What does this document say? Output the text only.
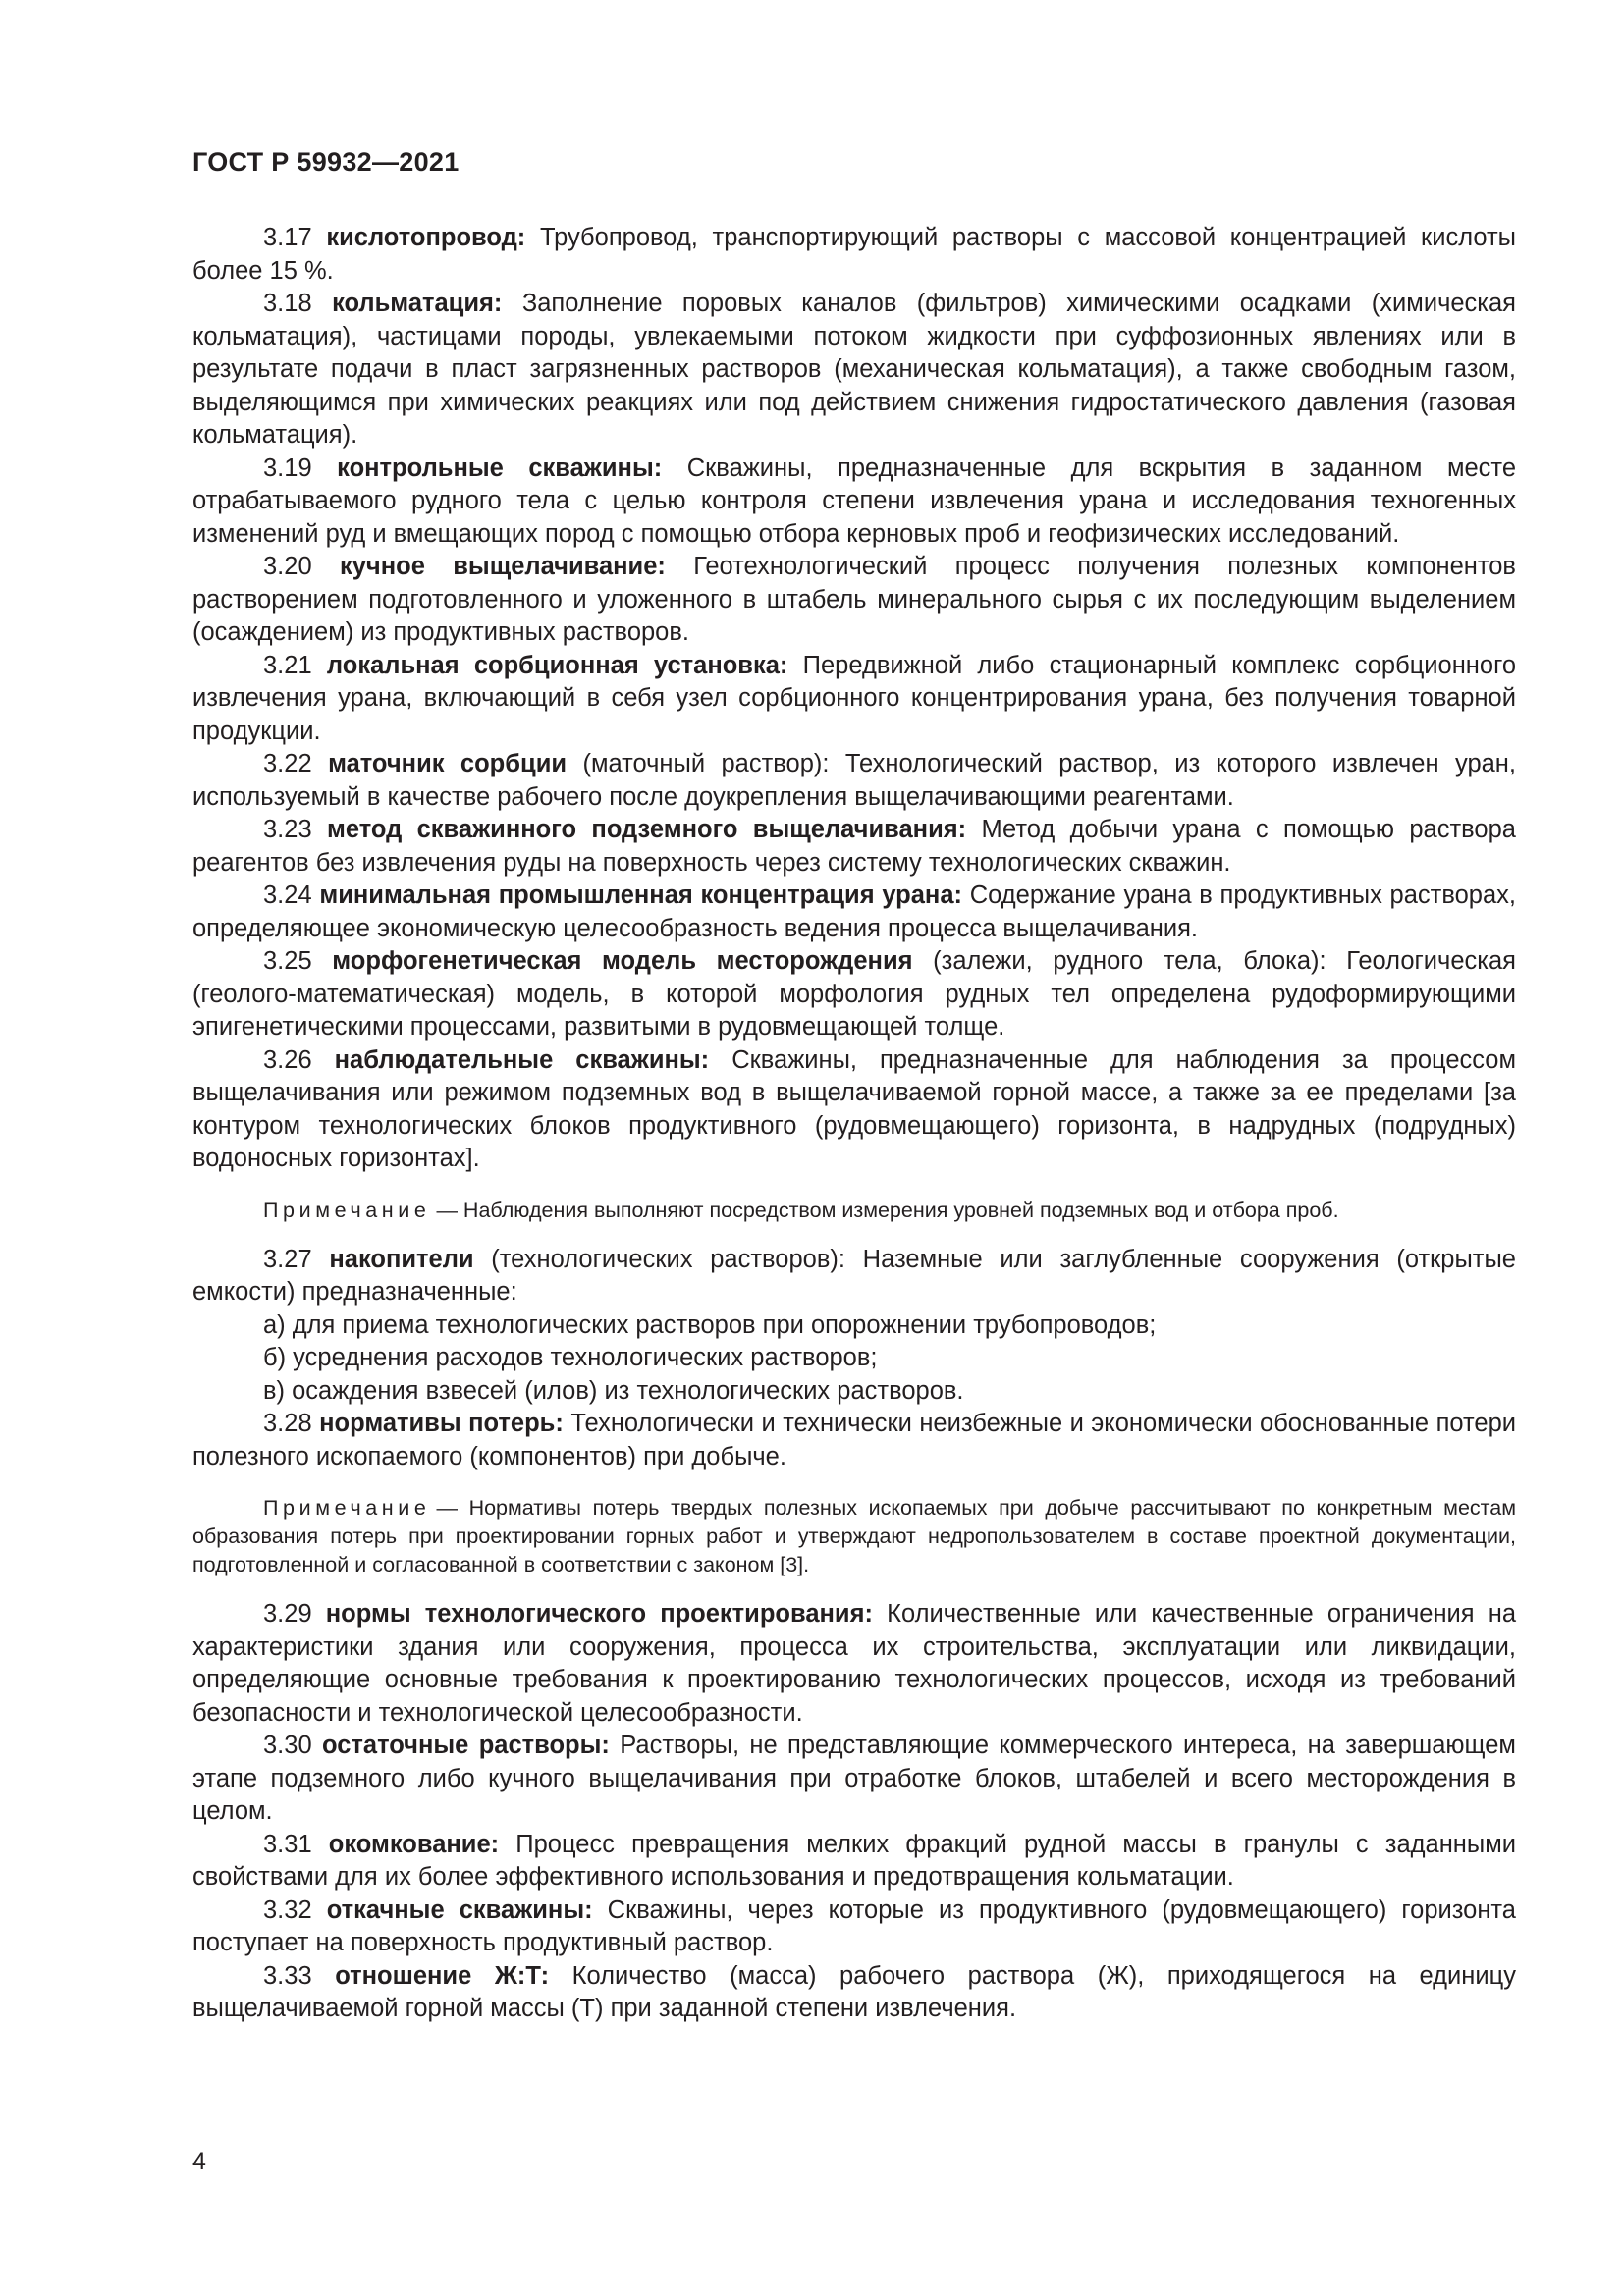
ГОСТ Р 59932—2021

3.17 кислотопровод: Трубопровод, транспортирующий растворы с массовой концентрацией кислоты более 15 %.

3.18 кольматация: Заполнение поровых каналов (фильтров) химическими осадками (химическая кольматация), частицами породы, увлекаемыми потоком жидкости при суффозионных явлениях или в результате подачи в пласт загрязненных растворов (механическая кольматация), а также свободным газом, выделяющимся при химических реакциях или под действием снижения гидростатического давления (газовая кольматация).

3.19 контрольные скважины: Скважины, предназначенные для вскрытия в заданном месте отрабатываемого рудного тела с целью контроля степени извлечения урана и исследования техногенных изменений руд и вмещающих пород с помощью отбора керновых проб и геофизических исследований.

3.20 кучное выщелачивание: Геотехнологический процесс получения полезных компонентов растворением подготовленного и уложенного в штабель минерального сырья с их последующим выделением (осаждением) из продуктивных растворов.

3.21 локальная сорбционная установка: Передвижной либо стационарный комплекс сорбционного извлечения урана, включающий в себя узел сорбционного концентрирования урана, без получения товарной продукции.

3.22 маточник сорбции (маточный раствор): Технологический раствор, из которого извлечен уран, используемый в качестве рабочего после доукрепления выщелачивающими реагентами.

3.23 метод скважинного подземного выщелачивания: Метод добычи урана с помощью раствора реагентов без извлечения руды на поверхность через систему технологических скважин.

3.24 минимальная промышленная концентрация урана: Содержание урана в продуктивных растворах, определяющее экономическую целесообразность ведения процесса выщелачивания.

3.25 морфогенетическая модель месторождения (залежи, рудного тела, блока): Геологическая (геолого-математическая) модель, в которой морфология рудных тел определена рудоформирующими эпигенетическими процессами, развитыми в рудовмещающей толще.

3.26 наблюдательные скважины: Скважины, предназначенные для наблюдения за процессом выщелачивания или режимом подземных вод в выщелачиваемой горной массе, а также за ее пределами [за контуром технологических блоков продуктивного (рудовмещающего) горизонта, в надрудных (подрудных) водоносных горизонтах].

Примечание — Наблюдения выполняют посредством измерения уровней подземных вод и отбора проб.

3.27 накопители (технологических растворов): Наземные или заглубленные сооружения (открытые емкости) предназначенные:

а) для приема технологических растворов при опорожнении трубопроводов;

б) усреднения расходов технологических растворов;

в) осаждения взвесей (илов) из технологических растворов.

3.28 нормативы потерь: Технологически и технически неизбежные и экономически обоснованные потери полезного ископаемого (компонентов) при добыче.

Примечание — Нормативы потерь твердых полезных ископаемых при добыче рассчитывают по конкретным местам образования потерь при проектировании горных работ и утверждают недропользователем в составе проектной документации, подготовленной и согласованной в соответствии с законом [3].

3.29 нормы технологического проектирования: Количественные или качественные ограничения на характеристики здания или сооружения, процесса их строительства, эксплуатации или ликвидации, определяющие основные требования к проектированию технологических процессов, исходя из требований безопасности и технологической целесообразности.

3.30 остаточные растворы: Растворы, не представляющие коммерческого интереса, на завершающем этапе подземного либо кучного выщелачивания при отработке блоков, штабелей и всего месторождения в целом.

3.31 окомкование: Процесс превращения мелких фракций рудной массы в гранулы с заданными свойствами для их более эффективного использования и предотвращения кольматации.

3.32 откачные скважины: Скважины, через которые из продуктивного (рудовмещающего) горизонта поступает на поверхность продуктивный раствор.

3.33 отношение Ж:Т: Количество (масса) рабочего раствора (Ж), приходящегося на единицу выщелачиваемой горной массы (Т) при заданной степени извлечения.

4
